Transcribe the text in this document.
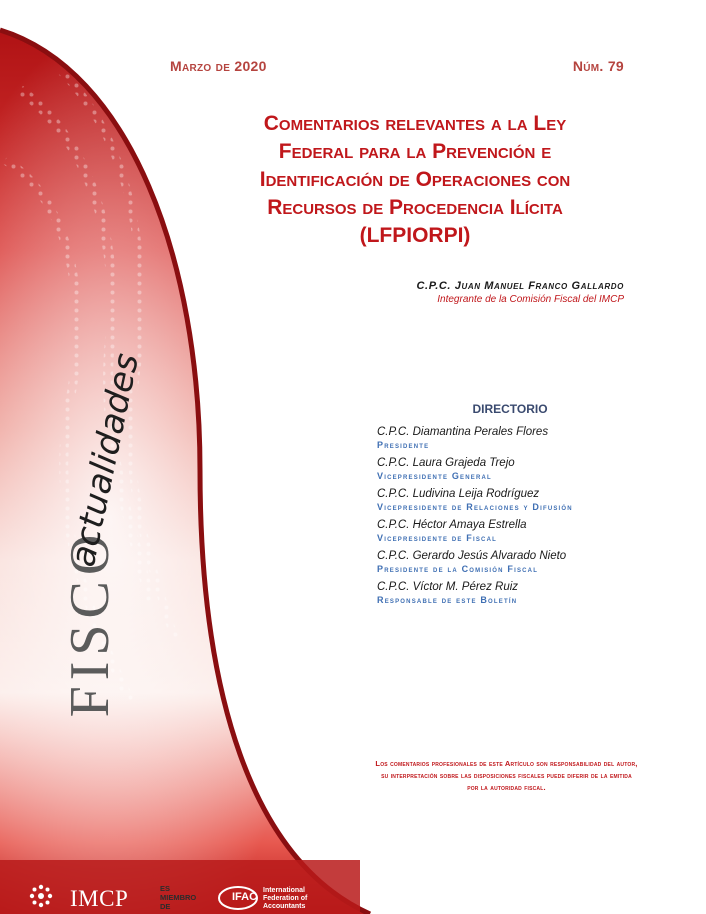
Marzo de 2020	Núm. 79

Comentarios relevantes a la Ley
Federal para la Prevención e
Identificación de Operaciones con
Recursos de Procedencia Ilícita
(LFPIORPI)

C.P.C. Juan Manuel Franco Gallardo

Integrante de la Comisión Fiscal del IMCP

DIRECTORIO

C.P.C. Diamantina Perales Flores
Presidente
C.P.C. Laura Grajeda Trejo
Vicepresidente General
C.P.C. Ludivina Leija Rodríguez
Vicepresidente de Relaciones y Difusión
C.P.C. Héctor Amaya Estrella
Vicepresidente de Fiscal
C.P.C. Gerardo Jesús Alvarado Nieto
Presidente de la Comisión Fiscal
C.P.C. Víctor M. Pérez Ruiz
Responsable de este Boletín

Los comentarios profesionales de este Artículo son responsabilidad del autor, su interpretación sobre las disposiciones fiscales puede diferir de la emitida por la autoridad fiscal.

FISCO
actualidades
IMCP	ES MIEMBRO DE
IFAC
International Federation of Accountants
